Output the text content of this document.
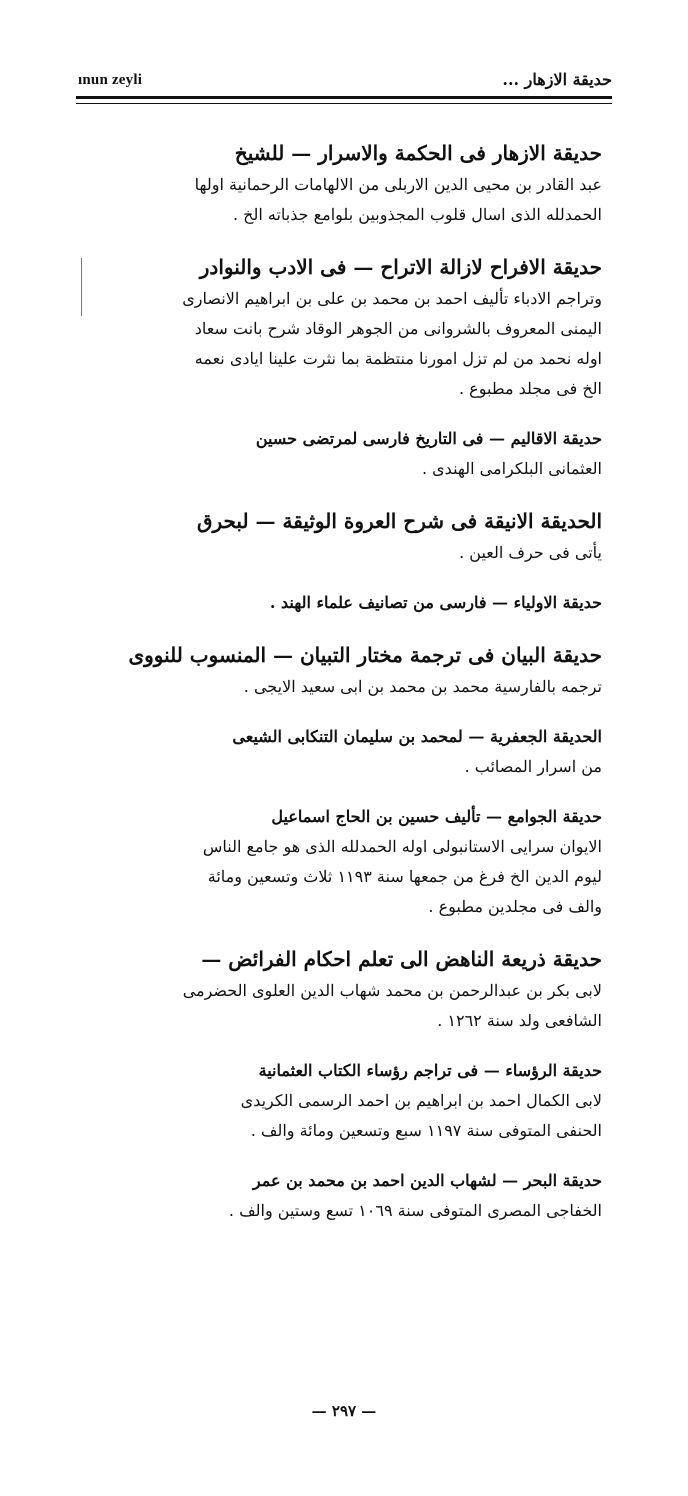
ınun zeyli	حديقة الازهار ...
حديقة الازهار فى الحكمة والاسرار — للشيخ
عبد القادر بن محيى الدين الاربلى من الالهامات الرحمانية اولها
الحمدلله الذى اسال قلوب المجذوبين بلوامع جذباته الخ .
حديقة الافراح لازالة الاتراح — فى الادب والنوادر
وتراجم الادباء تأليف احمد بن محمد بن على بن ابراهيم الانصارى
اليمنى المعروف بالشروانى من الجوهر الوقاد شرح بانت سعاد
اوله نحمد من لم تزل امورنا منتظمة بما نثرت علينا ايادى نعمه
الخ فى مجلد مطبوع .
حديقة الاقاليم — فى التاريخ فارسى لمرتضى حسين
العثمانى البلكرامى الهندى .
الحديقة الانيقة فى شرح العروة الوثيقة — لبحرق
يأتى فى حرف العين .
حديقة الاولياء — فارسى من تصانيف علماء الهند .
حديقة البيان فى ترجمة مختار التبيان — المنسوب للنووى
ترجمه بالفارسية محمد بن محمد بن ابى سعيد الايجى .
الحديقة الجعفرية — لمحمد بن سليمان التنكابى الشيعى
من اسرار المصائب .
حديقة الجوامع — تأليف حسين بن الحاج اسماعيل
الايوان سرايى الاستانبولى اوله الحمدلله الذى هو جامع الناس
ليوم الدين الخ فرغ من جمعها سنة ١١٩٣ ثلاث وتسعين ومائة
والف فى مجلدين مطبوع .
حديقة ذريعة الناهض الى تعلم احكام الفرائض —
لابى بكر بن عبدالرحمن بن محمد شهاب الدين العلوى الحضرمى
الشافعى ولد سنة ١٢٦٢ .
حديقة الرؤساء — فى تراجم رؤساء الكتاب العثمانية
لابى الكمال احمد بن ابراهيم بن احمد الرسمى الكريدى
الحنفى المتوفى سنة ١١٩٧ سبع وتسعين ومائة والف .
حديقة البحر — لشهاب الدين احمد بن محمد بن عمر
الخفاجى المصرى المتوفى سنة ١٠٦٩ تسع وستين والف .
— ٢٩٧ —
